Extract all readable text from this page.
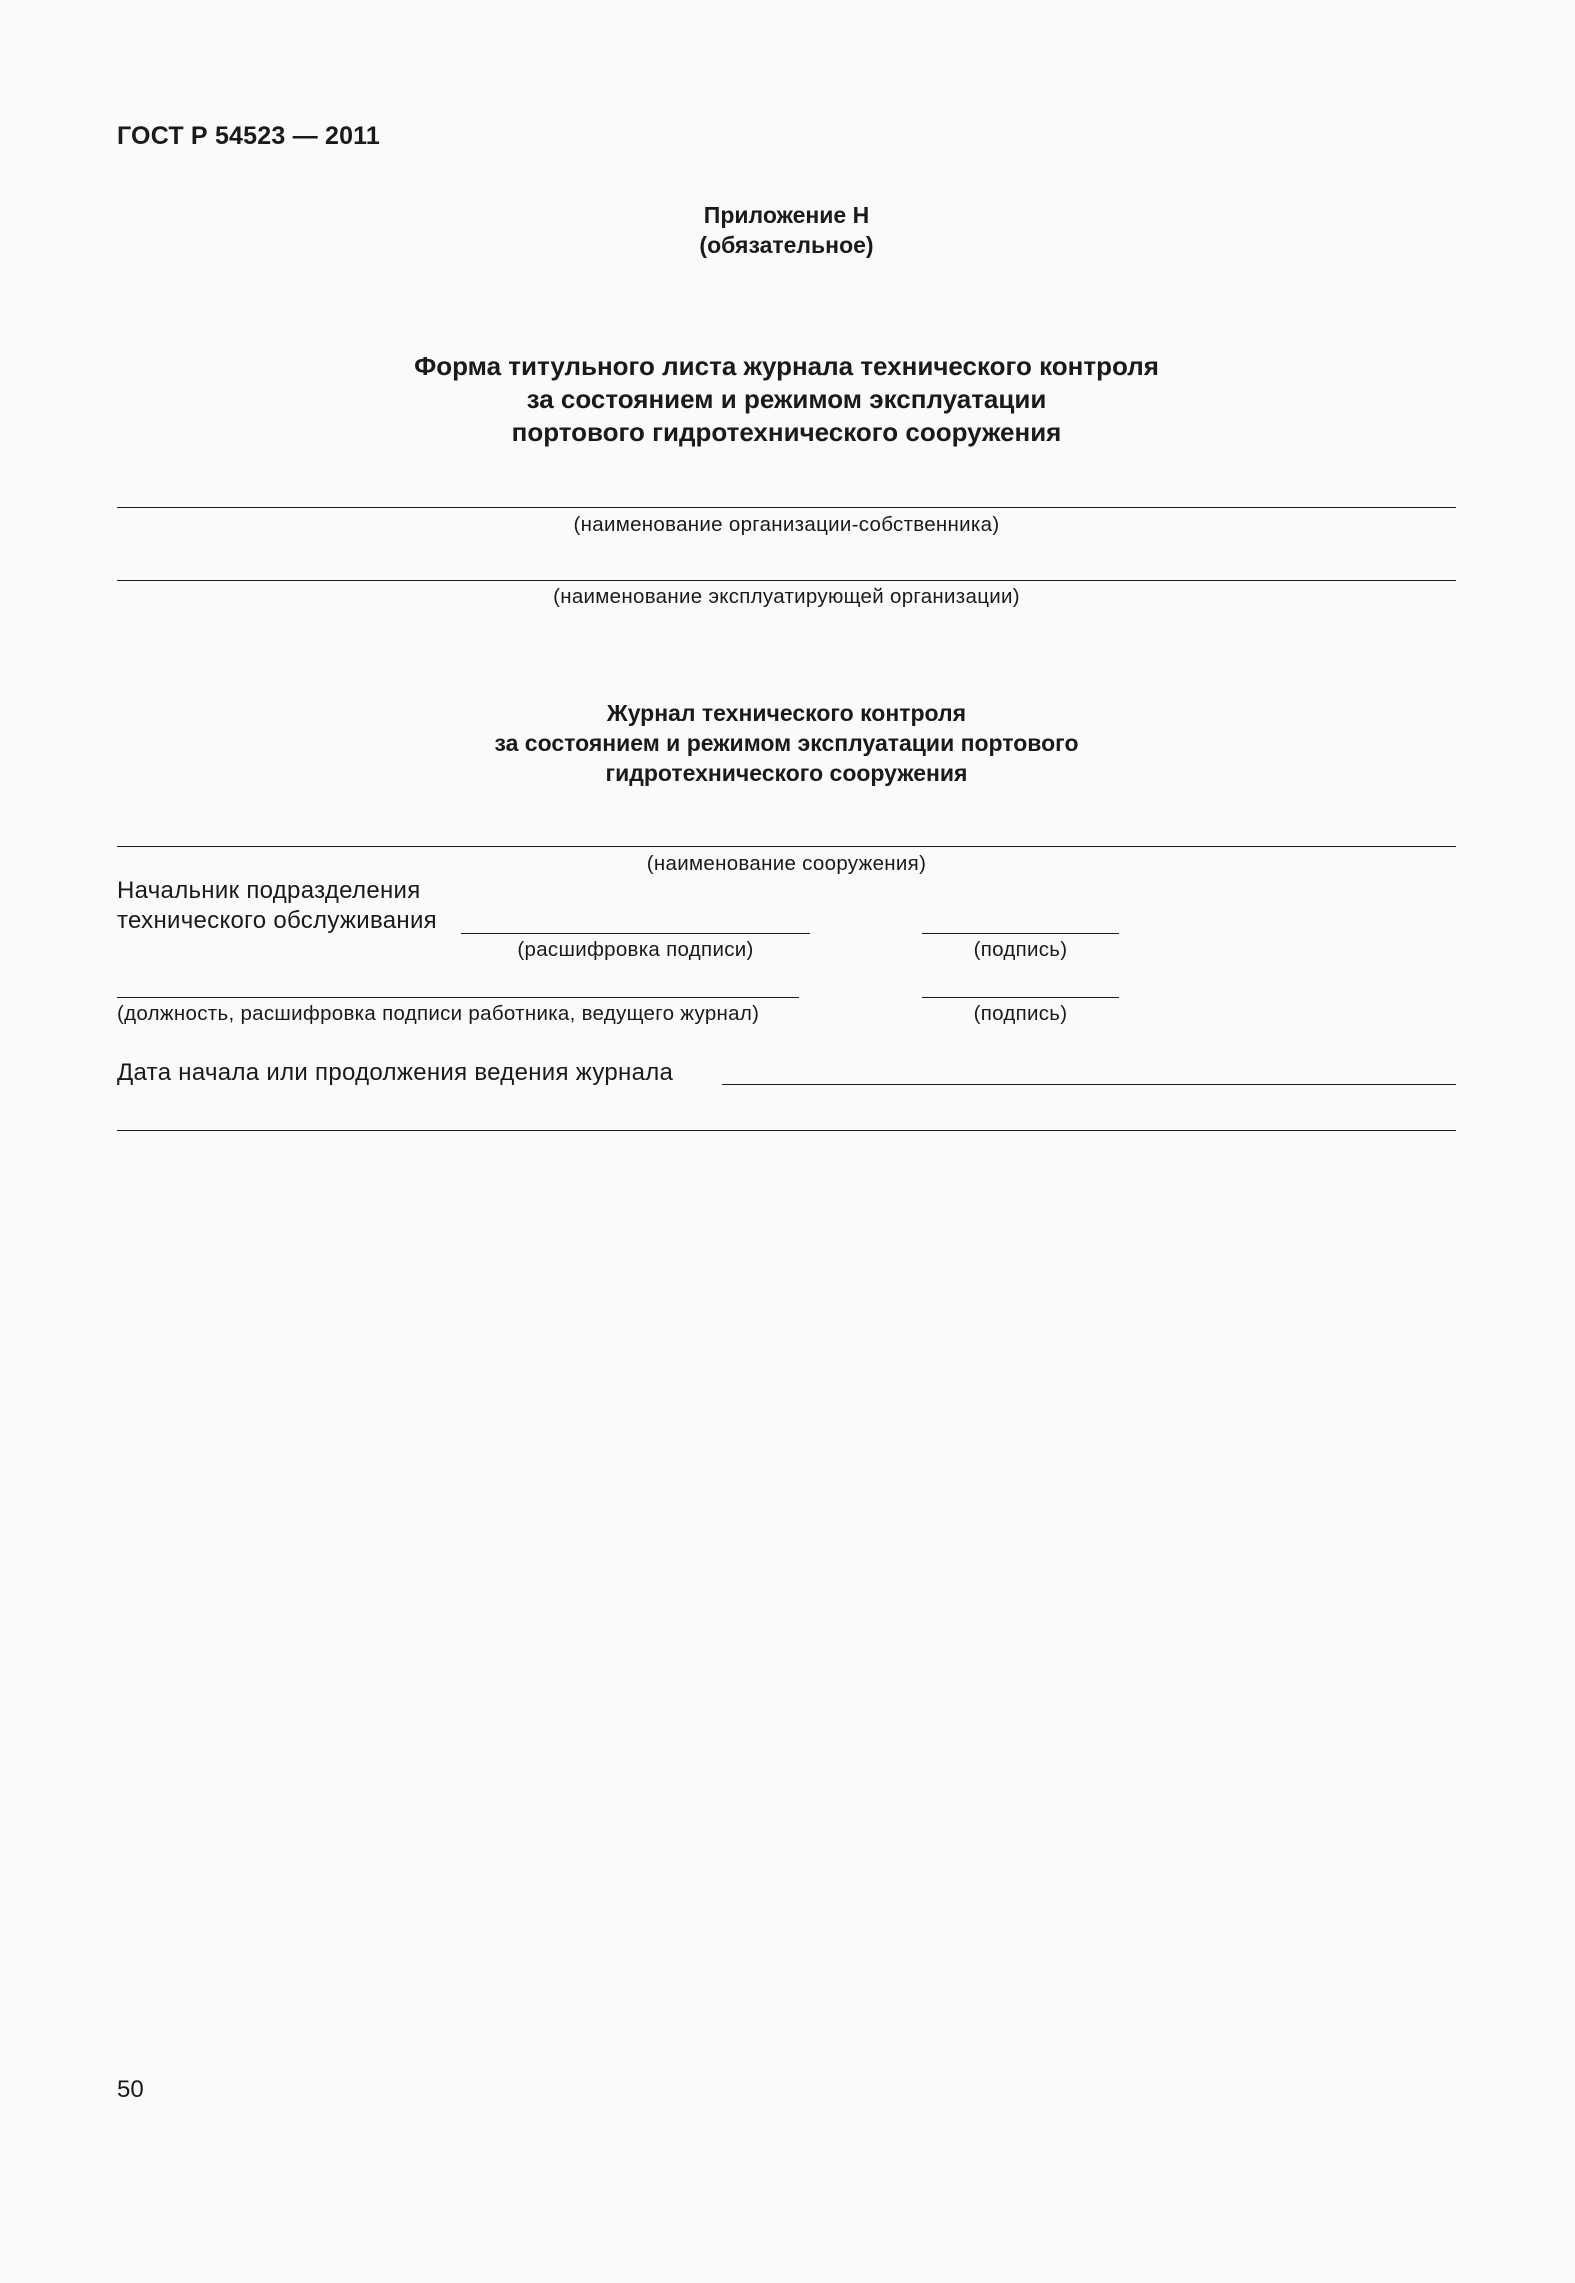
ГОСТ Р 54523 — 2011
Приложение Н
(обязательное)
Форма титульного листа журнала технического контроля
за состоянием и режимом эксплуатации
портового гидротехнического сооружения
(наименование организации-собственника)
(наименование эксплуатирующей организации)
Журнал технического контроля
за состоянием и режимом эксплуатации портового
гидротехнического сооружения
(наименование сооружения)
Начальник подразделения
технического обслуживания
(расшифровка подписи)	(подпись)
(должность, расшифровка подписи работника, ведущего журнал)	(подпись)
Дата начала или продолжения ведения журнала
50
